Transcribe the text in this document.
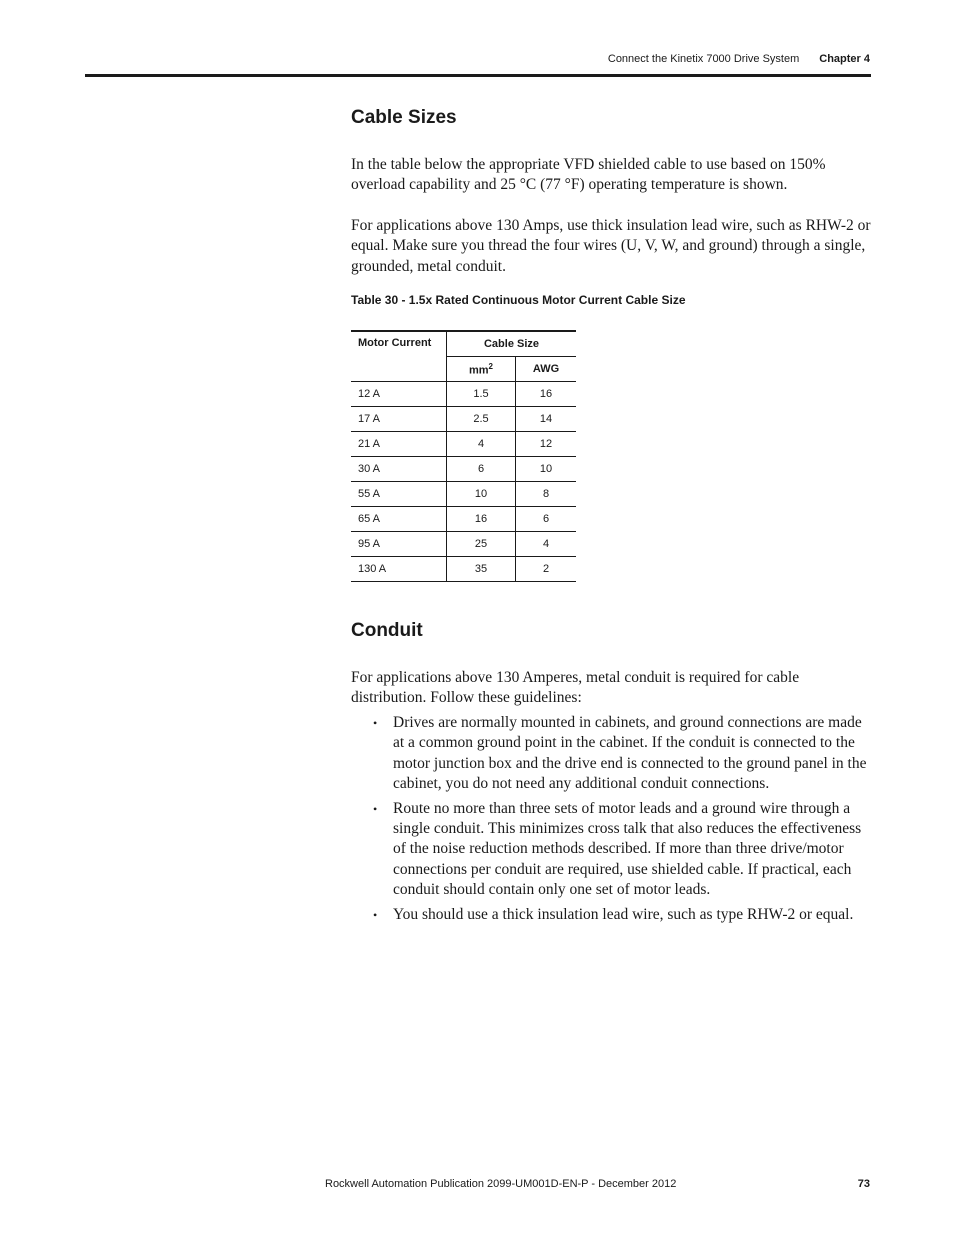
Connect the Kinetix 7000 Drive System Chapter 4
Cable Sizes

In the table below the appropriate VFD shielded cable to use based on 150% overload capability and 25 °C (77 °F) operating temperature is shown.

For applications above 130 Amps, use thick insulation lead wire, such as RHW-2 or equal. Make sure you thread the four wires (U, V, W, and ground) through a single, grounded, metal conduit.

Table 30 - 1.5x Rated Continuous Motor Current Cable Size
Motor Current	Cable Size	
	$mm^2$	AWG
12 A	1.5	16
17 A	2.5	14
21 A	4	12
30 A	6	10
55 A	10	8
65 A	16	6
95 A	25	4
130 A	35	2
Conduit

For applications above 130 Amperes, metal conduit is required for cable distribution. Follow these guidelines:

• Drives are normally mounted in cabinets, and ground connections are made at a common ground point in the cabinet. If the conduit is connected to the motor junction box and the drive end is connected to the ground panel in the cabinet, you do not need any additional conduit connections.
• Route no more than three sets of motor leads and a ground wire through a single conduit. This minimizes cross talk that also reduces the effectiveness of the noise reduction methods described. If more than three drive/motor connections per conduit are required, use shielded cable. If practical, each conduit should contain only one set of motor leads.
• You should use a thick insulation lead wire, such as type RHW-2 or equal.
Rockwell Automation Publication 2099-UM001D-EN-P - December 2012	73
